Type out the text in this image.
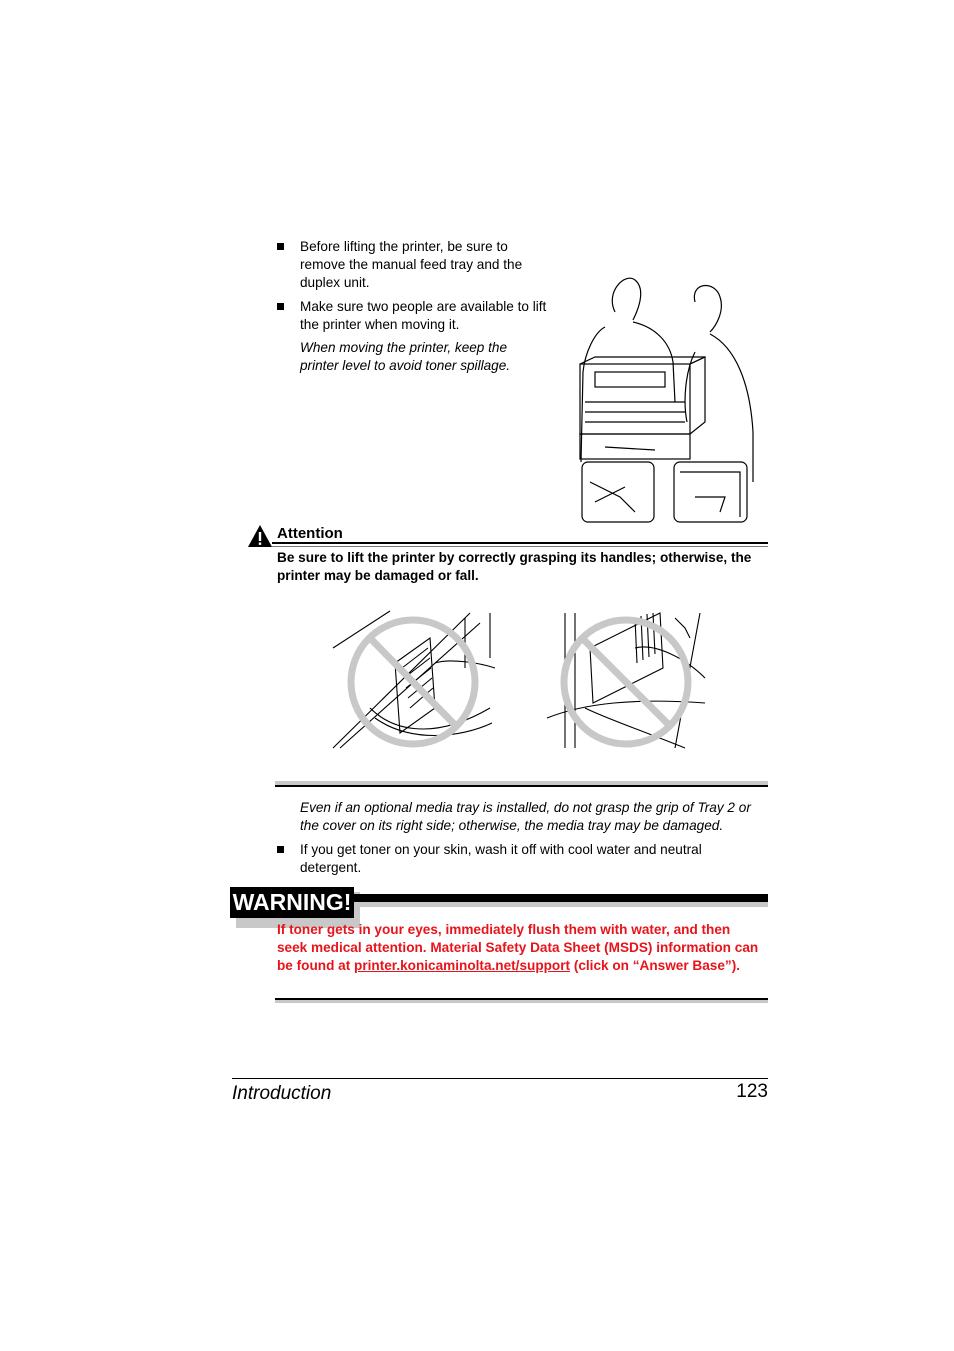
Before lifting the printer, be sure to remove the manual feed tray and the duplex unit.
Make sure two people are available to lift the printer when moving it.
When moving the printer, keep the printer level to avoid toner spillage.
Attention
Be sure to lift the printer by correctly grasping its handles; otherwise, the printer may be damaged or fall.
Even if an optional media tray is installed, do not grasp the grip of Tray 2 or the cover on its right side; otherwise, the media tray may be damaged.
If you get toner on your skin, wash it off with cool water and neutral detergent.
WARNING!
If toner gets in your eyes, immediately flush them with water, and then seek medical attention. Material Safety Data Sheet (MSDS) information can be found at printer.konicaminolta.net/support (click on “Answer Base”).
Introduction	123
